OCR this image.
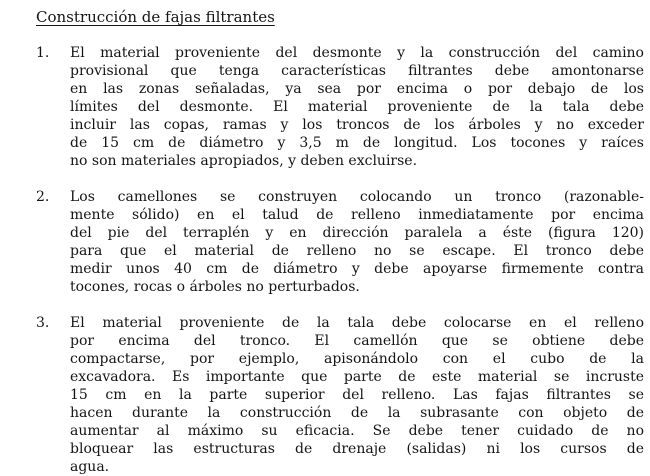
Construcción de fajas filtrantes
1.	El material proveniente del desmonte y la construcción del camino
provisional que tenga características filtrantes debe amontonarse
en las zonas señaladas, ya sea por encima o por debajo de los
límites del desmonte. El material proveniente de la tala debe
incluir las copas, ramas y los troncos de los árboles y no exceder
de 15 cm de diámetro y 3,5 m de longitud. Los tocones y raíces
no son materiales apropiados, y deben excluirse.
2.	Los camellones se construyen colocando un tronco (razonable-
mente sólido) en el talud de relleno inmediatamente por encima
del pie del terraplén y en dirección paralela a éste (figura 120)
para que el material de relleno no se escape. El tronco debe
medir unos 40 cm de diámetro y debe apoyarse firmemente contra
tocones, rocas o árboles no perturbados.
3.	El material proveniente de la tala debe colocarse en el relleno
por encima del tronco. El camellón que se obtiene debe
compactarse, por ejemplo, apisonándolo con el cubo de la
excavadora. Es importante que parte de este material se incruste
15 cm en la parte superior del relleno. Las fajas filtrantes se
hacen durante la construcción de la subrasante con objeto de
aumentar al máximo su eficacia. Se debe tener cuidado de no
bloquear las estructuras de drenaje (salidas) ni los cursos de
agua.
